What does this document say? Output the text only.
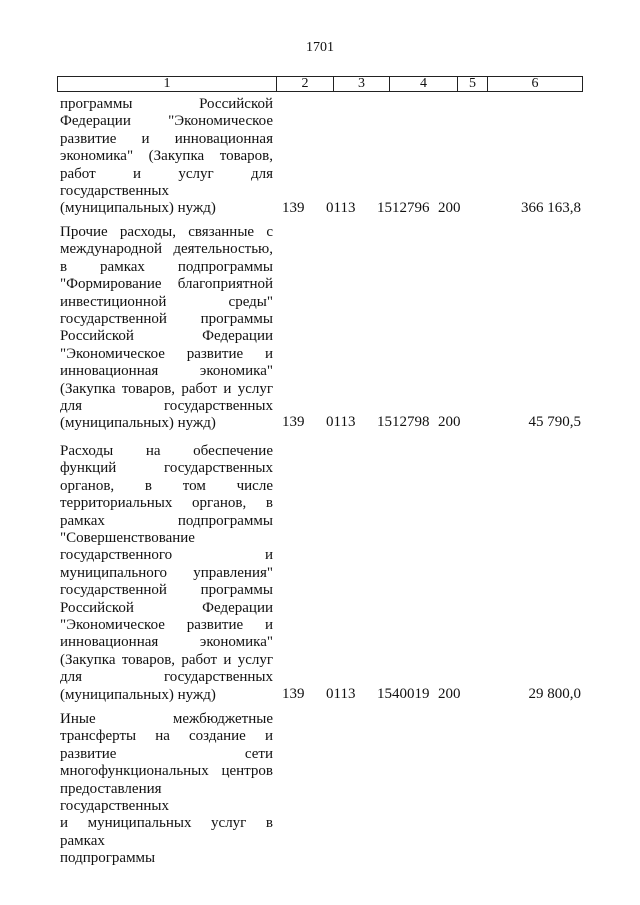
1701
1	2	3	4	5	6
программы Российской
Федерации "Экономическое
развитие и инновационная
экономика" (Закупка товаров,
работ и услуг для
государственных
(муниципальных) нужд)	139 0113 1512796 200	366 163,8
Прочие расходы, связанные с
международной деятельностью,
в рамках подпрограммы
"Формирование благоприятной
инвестиционной среды"
государственной программы
Российской Федерации
"Экономическое развитие и
инновационная экономика"
(Закупка товаров, работ и услуг
для государственных
(муниципальных) нужд)	139 0113 1512798 200	45 790,5
Расходы на обеспечение
функций государственных
органов, в том числе
территориальных органов, в
рамках подпрограммы
"Совершенствование
государственного и
муниципального управления"
государственной программы
Российской Федерации
"Экономическое развитие и
инновационная экономика"
(Закупка товаров, работ и услуг
для государственных
(муниципальных) нужд)	139 0113 1540019 200	29 800,0
Иные межбюджетные
трансферты на создание и
развитие сети
многофункциональных центров
предоставления государственных
и муниципальных услуг в рамках
подпрограммы
